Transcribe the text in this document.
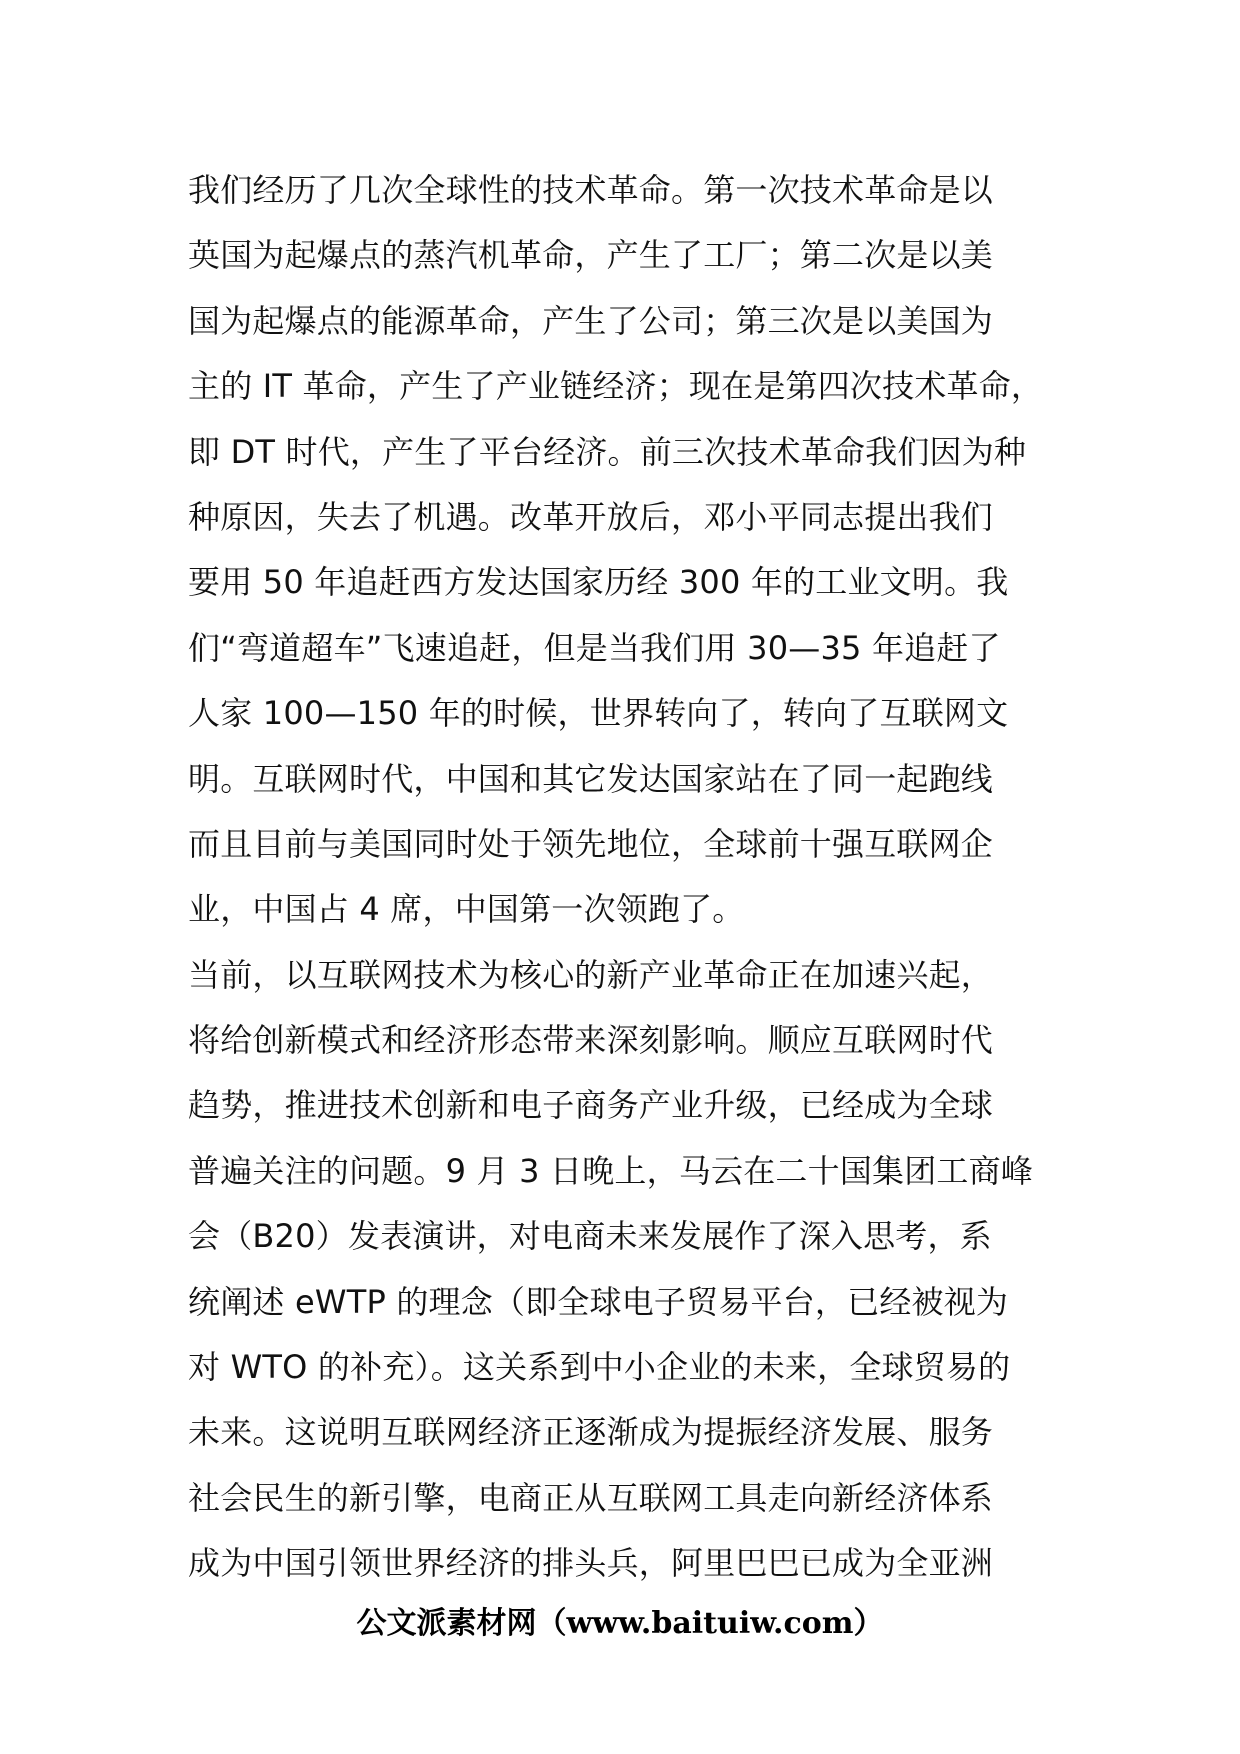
我们经历了几次全球性的技术革命。第一次技术革命是以
英国为起爆点的蒸汽机革命，产生了工厂；第二次是以美
国为起爆点的能源革命，产生了公司；第三次是以美国为
主的 IT 革命，产生了产业链经济；现在是第四次技术革命，
即 DT 时代，产生了平台经济。前三次技术革命我们因为种
种原因，失去了机遇。改革开放后，邓小平同志提出我们
要用 50 年追赶西方发达国家历经 300 年的工业文明。我
们“弯道超车”飞速追赶，但是当我们用 30—35 年追赶了
人家 100—150 年的时候，世界转向了，转向了互联网文
明。互联网时代，中国和其它发达国家站在了同一起跑线
而且目前与美国同时处于领先地位，全球前十强互联网企
业，中国占 4 席，中国第一次领跑了。
当前，以互联网技术为核心的新产业革命正在加速兴起，
将给创新模式和经济形态带来深刻影响。顺应互联网时代
趋势，推进技术创新和电子商务产业升级，已经成为全球
普遍关注的问题。9 月 3 日晚上，马云在二十国集团工商峰
会（B20）发表演讲，对电商未来发展作了深入思考，系
统阐述 eWTP 的理念（即全球电子贸易平台，已经被视为
对 WTO 的补充）。这关系到中小企业的未来，全球贸易的
未来。这说明互联网经济正逐渐成为提振经济发展、服务
社会民生的新引擎，电商正从互联网工具走向新经济体系
成为中国引领世界经济的排头兵，阿里巴巴已成为全亚洲
公文派素材网（www.baituiw.com）
